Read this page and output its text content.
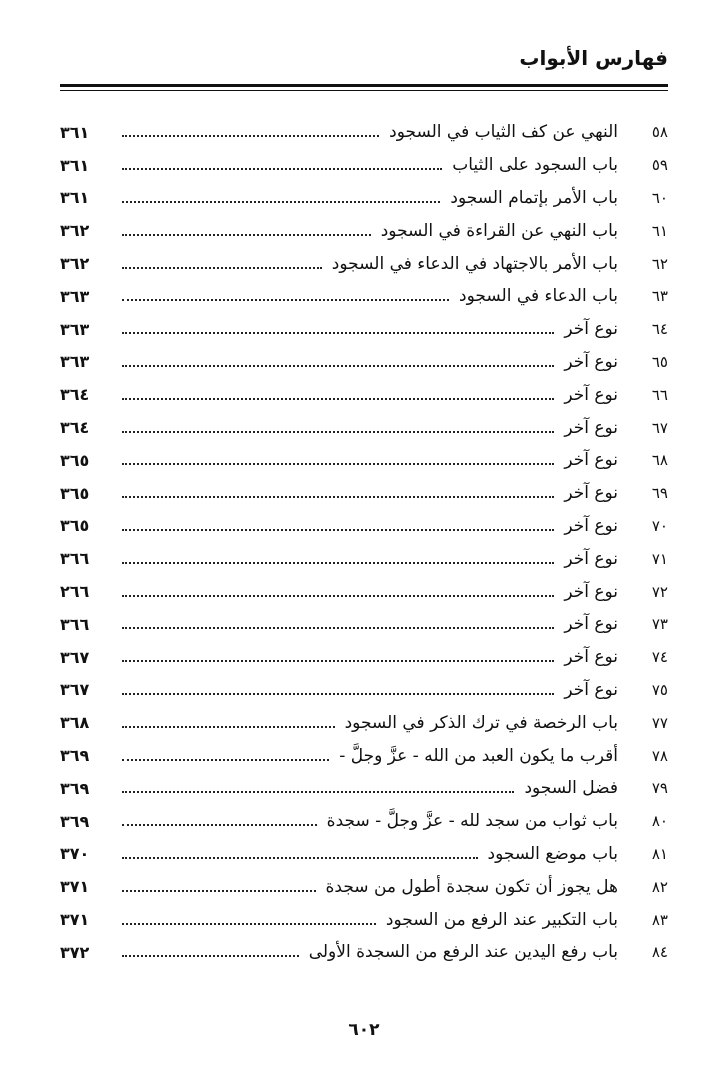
فهارس الأبواب
٥٨
النهي عن كف الثياب في السجود
٣٦١
٥٩
باب السجود على الثياب
٣٦١
٦٠
باب الأمر بإتمام السجود
٣٦١
٦١
باب النهي عن القراءة في السجود
٣٦٢
٦٢
باب الأمر بالاجتهاد في الدعاء في السجود
٣٦٢
٦٣
باب الدعاء في السجود
٣٦٣
٦٤
نوع آخر
٣٦٣
٦٥
نوع آخر
٣٦٣
٦٦
نوع آخر
٣٦٤
٦٧
نوع آخر
٣٦٤
٦٨
نوع آخر
٣٦٥
٦٩
نوع آخر
٣٦٥
٧٠
نوع آخر
٣٦٥
٧١
نوع آخر
٣٦٦
٧٢
نوع آخر
٢٦٦
٧٣
نوع آخر
٣٦٦
٧٤
نوع آخر
٣٦٧
٧٥
نوع آخر
٣٦٧
٧٧
باب الرخصة في ترك الذكر في السجود
٣٦٨
٧٨
أقرب ما يكون العبد من الله - عزَّ وجلَّ -
٣٦٩
٧٩
فضل السجود
٣٦٩
٨٠
باب ثواب من سجد لله - عزَّ وجلَّ - سجدة
٣٦٩
٨١
باب موضع السجود
٣٧٠
٨٢
هل يجوز أن تكون سجدة أطول من سجدة
٣٧١
٨٣
باب التكبير عند الرفع من السجود
٣٧١
٨٤
باب رفع اليدين عند الرفع من السجدة الأولى
٣٧٢
٦٠٢
